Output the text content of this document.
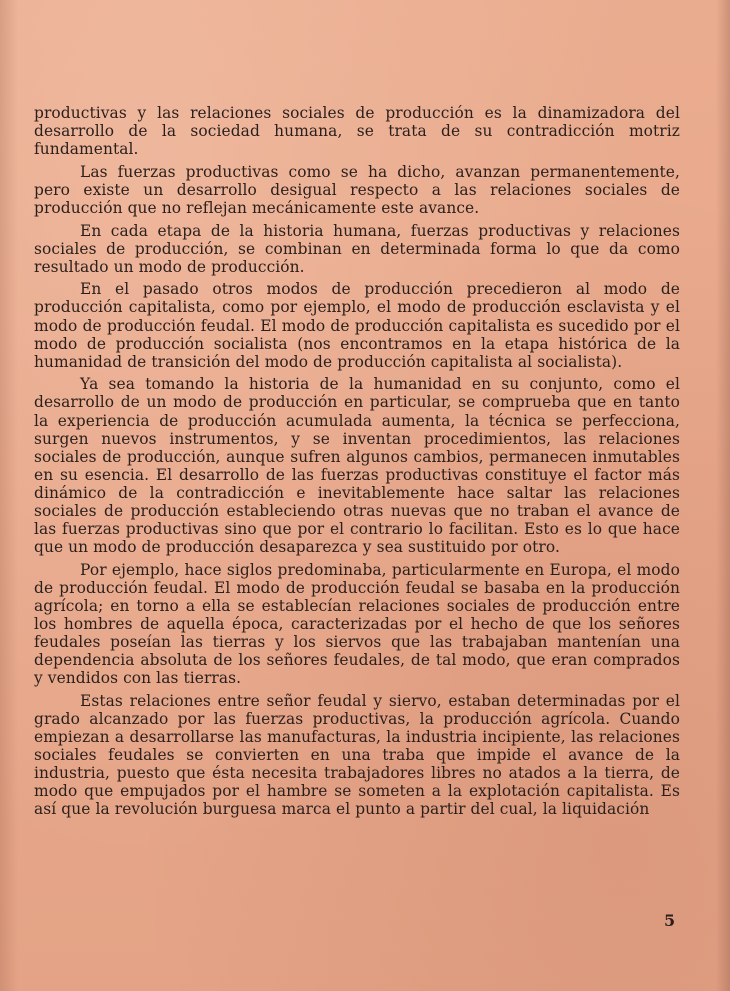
productivas y las relaciones sociales de producción es la dinamizadora del desarrollo de la sociedad humana, se trata de su contradicción motriz fundamental.

Las fuerzas productivas como se ha dicho, avanzan permanentemente, pero existe un desarrollo desigual respecto a las relaciones sociales de producción que no reflejan mecánicamente este avance.

En cada etapa de la historia humana, fuerzas productivas y relaciones sociales de producción, se combinan en determinada forma lo que da como resultado un modo de producción.

En el pasado otros modos de producción precedieron al modo de producción capitalista, como por ejemplo, el modo de producción esclavista y el modo de producción feudal. El modo de producción capitalista es sucedido por el modo de producción socialista (nos encontramos en la etapa histórica de la humanidad de transición del modo de producción capitalista al socialista).

Ya sea tomando la historia de la humanidad en su conjunto, como el desarrollo de un modo de producción en particular, se comprueba que en tanto la experiencia de producción acumulada aumenta, la técnica se perfecciona, surgen nuevos instrumentos, y se inventan procedimientos, las relaciones sociales de producción, aunque sufren algunos cambios, permanecen inmutables en su esencia. El desarrollo de las fuerzas productivas constituye el factor más dinámico de la contradicción e inevitablemente hace saltar las relaciones sociales de producción estableciendo otras nuevas que no traban el avance de las fuerzas productivas sino que por el contrario lo facilitan. Esto es lo que hace que un modo de producción desaparezca y sea sustituido por otro.

Por ejemplo, hace siglos predominaba, particularmente en Europa, el modo de producción feudal. El modo de producción feudal se basaba en la producción agrícola; en torno a ella se establecían relaciones sociales de producción entre los hombres de aquella época, caracterizadas por el hecho de que los señores feudales poseían las tierras y los siervos que las trabajaban mantenían una dependencia absoluta de los señores feudales, de tal modo, que eran comprados y vendidos con las tierras.

Estas relaciones entre señor feudal y siervo, estaban determinadas por el grado alcanzado por las fuerzas productivas, la producción agrícola. Cuando empiezan a desarrollarse las manufacturas, la industria incipiente, las relaciones sociales feudales se convierten en una traba que impide el avance de la industria, puesto que ésta necesita trabajadores libres no atados a la tierra, de modo que empujados por el hambre se someten a la explotación capitalista. Es así que la revolución burguesa marca el punto a partir del cual, la liquidación

5
